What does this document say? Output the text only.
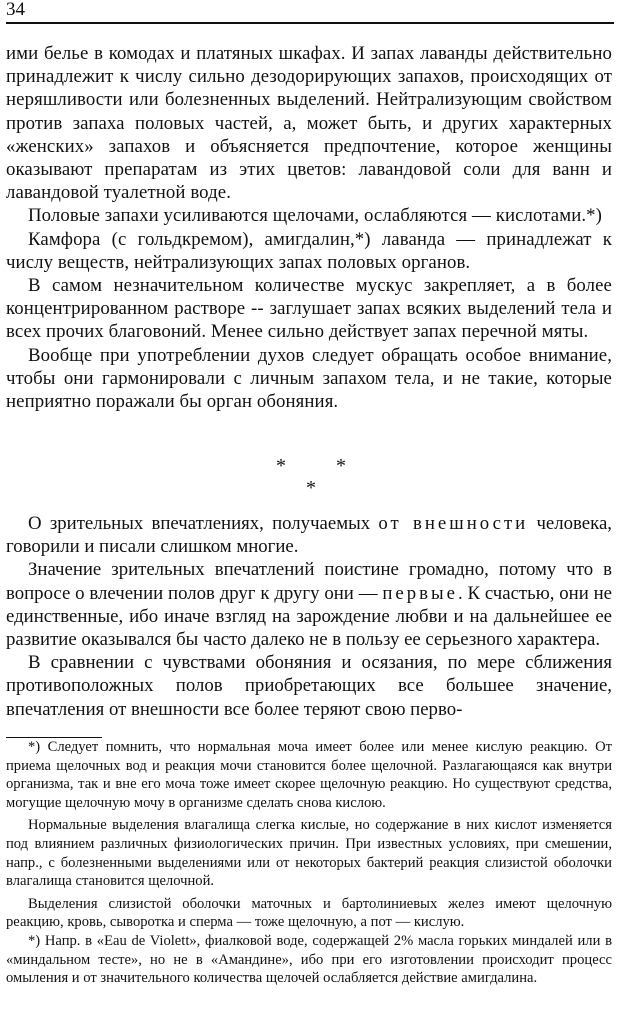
34

ими белье в комодах и платяных шкафах. И запах лаванды действительно принадлежит к числу сильно дезодорирующих запахов, происходящих от неряшливости или болезненных выделений. Нейтрализующим свойством против запаха половых частей, а, может быть, и других характерных «женских» запахов и объясняется предпочтение, которое женщины оказывают препаратам из этих цветов: лавандовой соли для ванн и лавандовой туалетной воде.

Половые запахи усиливаются щелочами, ослабляются — кислотами.*)

Камфора (с гольдкремом), амигдалин,*) лаванда — принадлежат к числу веществ, нейтрализующих запах половых органов.

В самом незначительном количестве мускус закрепляет, а в более концентрированном растворе -- заглушает запах всяких выделений тела и всех прочих благовоний. Менее сильно действует запах перечной мяты.

Вообще при употреблении духов следует обращать особое внимание, чтобы они гармонировали с личным запахом тела, и не такие, которые неприятно поражали бы орган обоняния.

*	*
*

О зрительных впечатлениях, получаемых от внешности человека, говорили и писали слишком многие.

Значение зрительных впечатлений поистине громадно, потому что в вопросе о влечении полов друг к другу они — первые. К счастью, они не единственные, ибо иначе взгляд на зарождение любви и на дальнейшее ее развитие оказывался бы часто далеко не в пользу ее серьезного характера.

В сравнении с чувствами обоняния и осязания, по мере сближения противоположных полов приобретающих все большее значение, впечатления от внешности все более теряют свою перво-

*) Следует помнить, что нормальная моча имеет более или менее кислую реакцию. От приема щелочных вод и реакция мочи становится более щелочной. Разлагающаяся как внутри организма, так и вне его моча тоже имеет скорее щелочную реакцию. Но существуют средства, могущие щелочную мочу в организме сделать снова кислою.

Нормальные выделения влагалища слегка кислые, но содержание в них кислот изменяется под влиянием различных физиологических причин. При известных условиях, при смешении, напр., с болезненными выделениями или от некоторых бактерий реакция слизистой оболочки влагалища становится щелочной.

Выделения слизистой оболочки маточных и бартолиниевых желез имеют щелочную реакцию, кровь, сыворотка и сперма — тоже щелочную, а пот — кислую.

*) Напр. в «Eau de Violett», фиалковой воде, содержащей 2% масла горьких миндалей или в «миндальном тесте», но не в «Амандине», ибо при его изготовлении происходит процесс омыления и от значительного количества щелочей ослабляется действие амигдалина.
